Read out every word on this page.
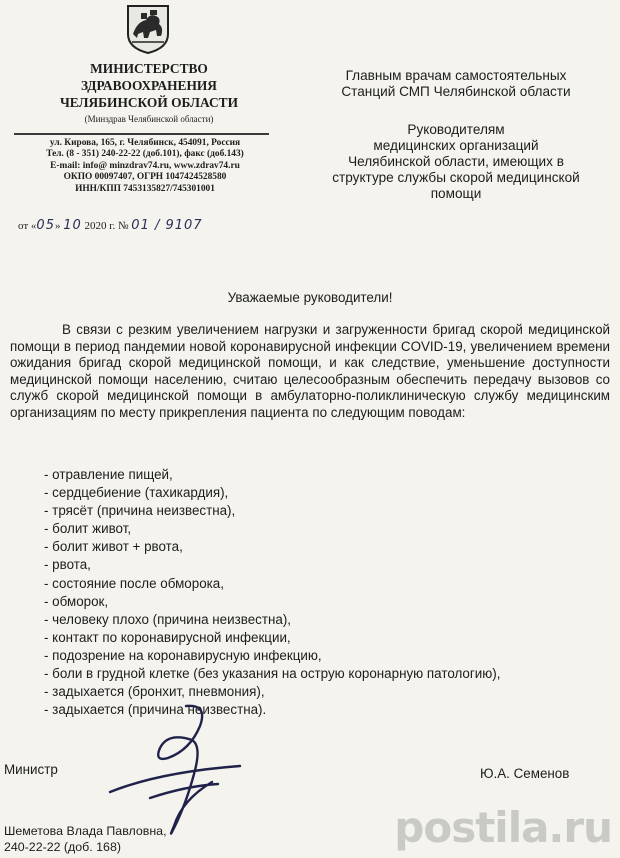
МИНИСТЕРСТВО
ЗДРАВООХРАНЕНИЯ
ЧЕЛЯБИНСКОЙ ОБЛАСТИ
(Минздрав Челябинской области)
ул. Кирова, 165, г. Челябинск, 454091, Россия
Тел. (8 - 351) 240-22-22 (доб.101), факс (доб.143)
E-mail: info@ minzdrav74.ru, www.zdrav74.ru
ОКПО 00097407, ОГРН 1047424528580
ИНН/КПП 7453135827/745301001
от «05» 10 2020 г. № 01 / 9107
Главным врачам самостоятельных
Станций СМП Челябинской области
Руководителям
медицинских организаций
Челябинской области, имеющих в
структуре службы скорой медицинской
помощи
Уважаемые руководители!
В связи с резким увеличением нагрузки и загруженности бригад скорой медицинской помощи в период пандемии новой коронавирусной инфекции COVID-19, увеличением времени ожидания бригад скорой медицинской помощи, и как следствие, уменьшение доступности медицинской помощи населению, считаю целесообразным обеспечить передачу вызовов со служб скорой медицинской помощи в амбулаторно-поликлиническую службу медицинским организациям по месту прикрепления пациента по следующим поводам:
- отравление пищей,
- сердцебиение (тахикардия),
- трясёт (причина неизвестна),
- болит живот,
- болит живот + рвота,
- рвота,
- состояние после обморока,
- обморок,
- человеку плохо (причина неизвестна),
- контакт по коронавирусной инфекции,
- подозрение на коронавирусную инфекцию,
- боли в грудной клетке (без указания на острую коронарную патологию),
- задыхается (бронхит, пневмония),
- задыхается (причина неизвестна).
Министр	Ю.А. Семенов
Шеметова Влада Павловна,
240-22-22 (доб. 168)	postila.ru
